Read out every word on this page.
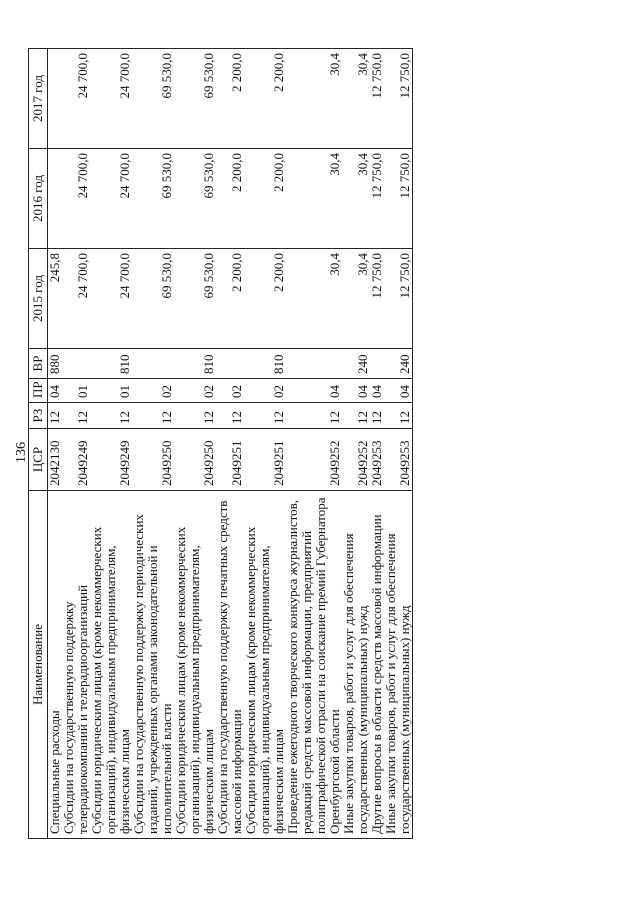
136
Наименование	ЦСР	РЗ	ПР	ВР	2015 год	2016 год	2017 год
Специальные расходы	2042130	12	04	880	245,8		
Субсидии на государственную поддержку телерадиокомпаний и телерадиоорганизаций	2049249	12	01		24 700,0	24 700,0	24 700,0
Субсидии юридическим лицам (кроме некоммерческих организаций), индивидуальным предпринимателям, физическим лицам	2049249	12	01	810	24 700,0	24 700,0	24 700,0
Субсидии на государственную поддержку периодических изданий, учрежденных органами законодательной и исполнительной власти	2049250	12	02		69 530,0	69 530,0	69 530,0
Субсидии юридическим лицам (кроме некоммерческих организаций), индивидуальным предпринимателям, физическим лицам	2049250	12	02	810	69 530,0	69 530,0	69 530,0
Субсидии на государственную поддержку печатных средств массовой информации	2049251	12	02		2 200,0	2 200,0	2 200,0
Субсидии юридическим лицам (кроме некоммерческих организаций), индивидуальным предпринимателям, физическим лицам	2049251	12	02	810	2 200,0	2 200,0	2 200,0
Проведение ежегодного творческого конкурса журналистов, редакций средств массовой информации, предприятий полиграфической отрасли на соискание премий Губернатора Оренбургской области	2049252	12	04		30,4	30,4	30,4
Иные закупки товаров, работ и услуг для обеспечения государственных (муниципальных) нужд	2049252	12	04	240	30,4	30,4	30,4
Другие вопросы в области средств массовой информации	2049253	12	04		12 750,0	12 750,0	12 750,0
Иные закупки товаров, работ и услуг для обеспечения государственных (муниципальных) нужд	2049253	12	04	240	12 750,0	12 750,0	12 750,0
